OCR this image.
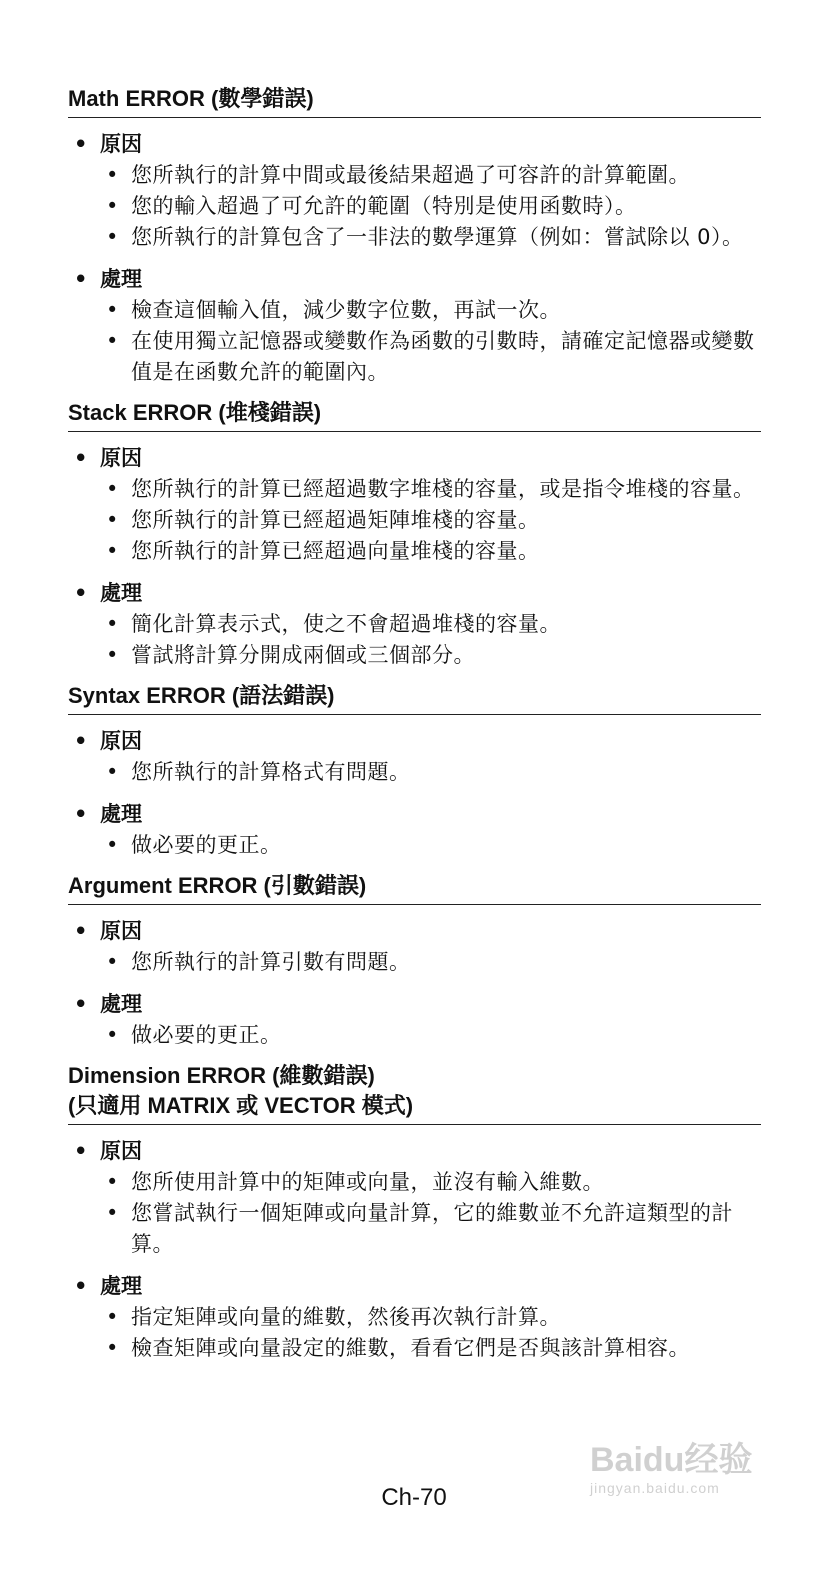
Math ERROR (數學錯誤)
• 原因
• 您所執行的計算中間或最後結果超過了可容許的計算範圍。
• 您的輸入超過了可允許的範圍（特別是使用函數時）。
• 您所執行的計算包含了一非法的數學運算（例如：嘗試除以 0）。
• 處理
• 檢查這個輸入值，減少數字位數，再試一次。
• 在使用獨立記憶器或變數作為函數的引數時，請確定記憶器或變數值是在函數允許的範圍內。
Stack ERROR (堆棧錯誤)
• 原因
• 您所執行的計算已經超過數字堆棧的容量，或是指令堆棧的容量。
• 您所執行的計算已經超過矩陣堆棧的容量。
• 您所執行的計算已經超過向量堆棧的容量。
• 處理
• 簡化計算表示式，使之不會超過堆棧的容量。
• 嘗試將計算分開成兩個或三個部分。
Syntax ERROR (語法錯誤)
• 原因
• 您所執行的計算格式有問題。
• 處理
• 做必要的更正。
Argument ERROR (引數錯誤)
• 原因
• 您所執行的計算引數有問題。
• 處理
• 做必要的更正。
Dimension ERROR (維數錯誤)
(只適用 MATRIX 或 VECTOR 模式)
• 原因
• 您所使用計算中的矩陣或向量，並沒有輸入維數。
• 您嘗試執行一個矩陣或向量計算，它的維數並不允許這類型的計算。
• 處理
• 指定矩陣或向量的維數，然後再次執行計算。
• 檢查矩陣或向量設定的維數，看看它們是否與該計算相容。
Ch-70
Baidu经验
jingyan.baidu.com
